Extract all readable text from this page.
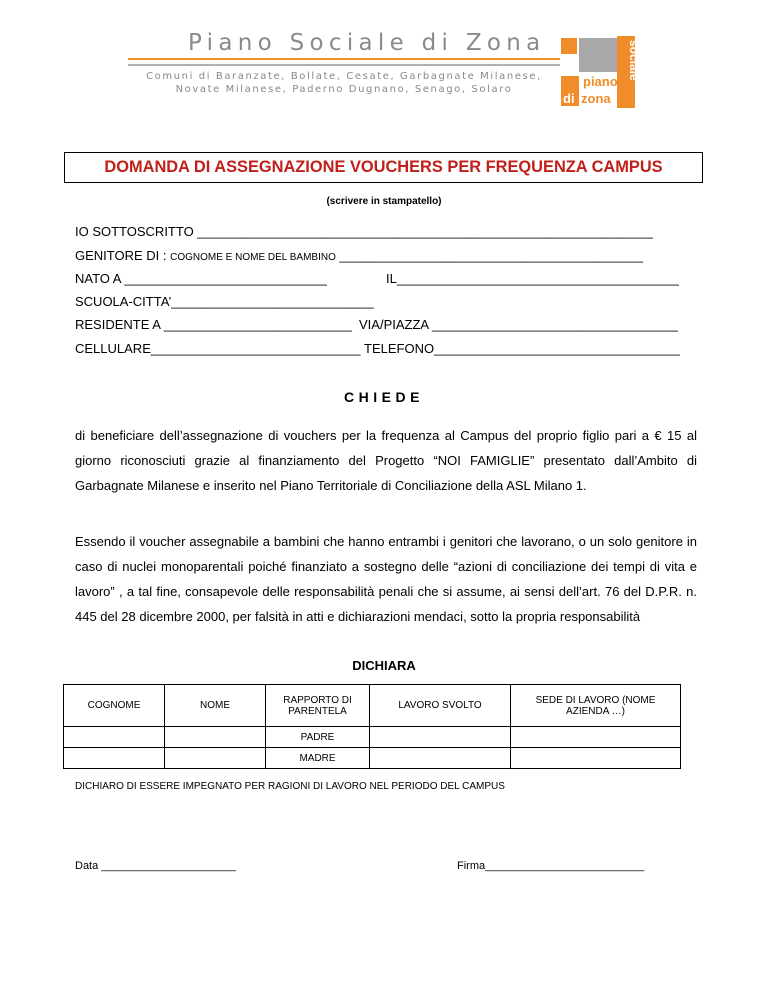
Piano Sociale di Zona
Comuni di Baranzate, Bollate, Cesate, Garbagnate Milanese,
Novate Milanese, Paderno Dugnano, Senago, Solaro
piano
di zona
sociale
DOMANDA DI ASSEGNAZIONE VOUCHERS PER FREQUENZA CAMPUS
(scrivere in stampatello)
IO SOTTOSCRITTO _______________________________________________________________
GENITORE DI : COGNOME E NOME DEL BAMBINO __________________________________________
NATO A ____________________________	IL_______________________________________
SCUOLA-CITTA’____________________________
RESIDENTE A __________________________ VIA/PIAZZA __________________________________
CELLULARE_____________________________ TELEFONO__________________________________
CHIEDE
di beneficiare dell’assegnazione di vouchers per la frequenza al Campus del proprio figlio pari a € 15 al giorno riconosciuti grazie al finanziamento del Progetto “NOI FAMIGLIE” presentato dall’Ambito di Garbagnate Milanese e inserito nel Piano Territoriale di Conciliazione della ASL Milano 1.
Essendo il voucher assegnabile a bambini che hanno entrambi i genitori che lavorano, o un solo genitore in caso di nuclei monoparentali poiché finanziato a sostegno delle “azioni di conciliazione dei tempi di vita e lavoro” , a tal fine, consapevole delle responsabilità penali che si assume, ai sensi dell’art. 76 del D.P.R. n. 445 del 28 dicembre 2000, per falsità in atti e dichiarazioni mendaci, sotto la propria responsabilità
DICHIARA
COGNOME	NOME	RAPPORTO DI PARENTELA	LAVORO SVOLTO	SEDE DI LAVORO (NOME AZIENDA …)
		PADRE		
		MADRE		
DICHIARO DI ESSERE IMPEGNATO PER RAGIONI DI LAVORO NEL PERIODO DEL CAMPUS
Data ______________________	Firma__________________________
